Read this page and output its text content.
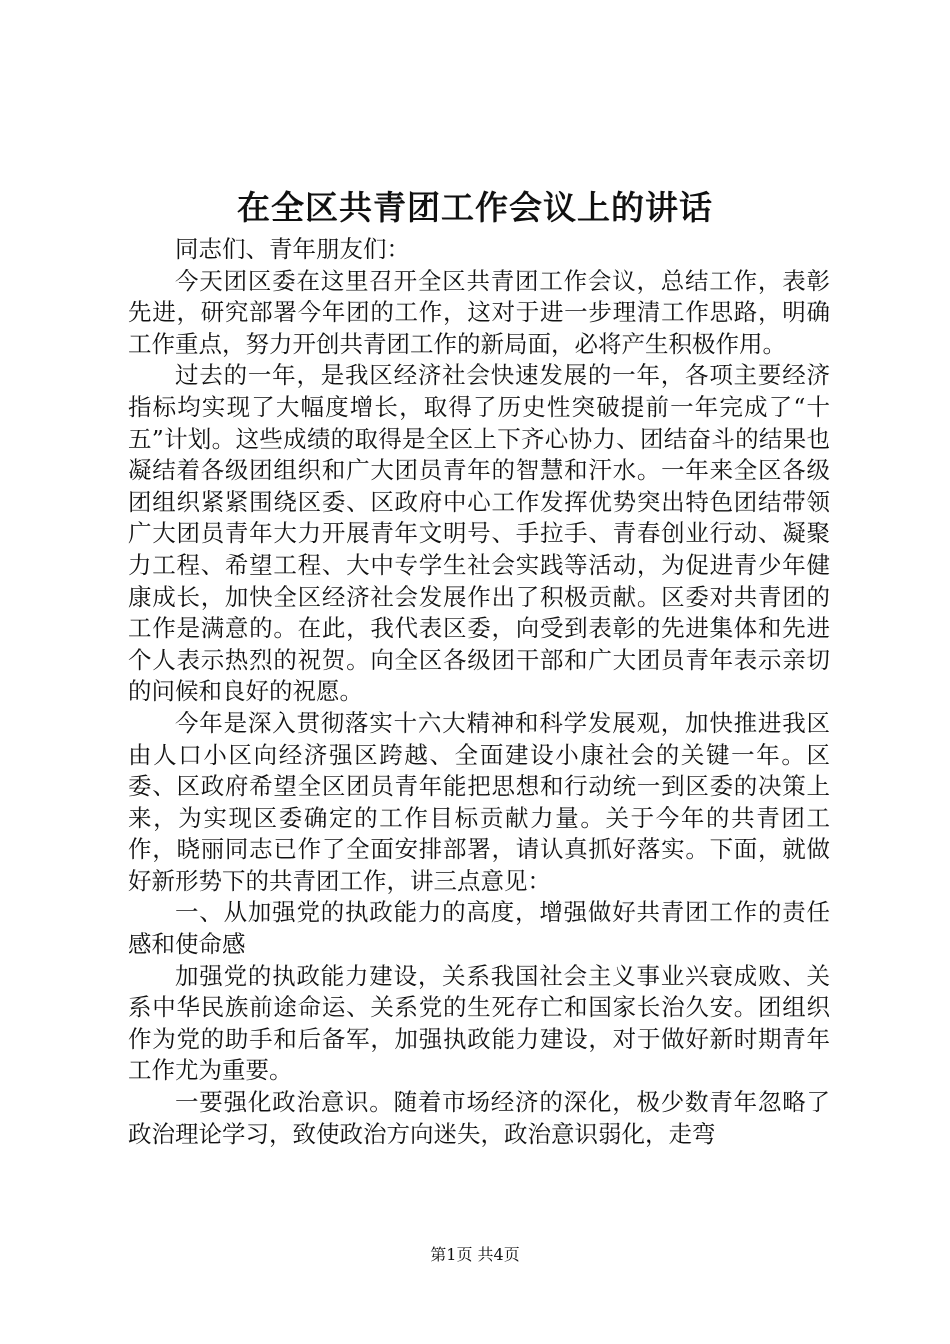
在全区共青团工作会议上的讲话

同志们、青年朋友们：

今天团区委在这里召开全区共青团工作会议，总结工作，表彰先进，研究部署今年团的工作，这对于进一步理清工作思路，明确工作重点，努力开创共青团工作的新局面，必将产生积极作用。

过去的一年，是我区经济社会快速发展的一年，各项主要经济指标均实现了大幅度增长，取得了历史性突破提前一年完成了“十五”计划。这些成绩的取得是全区上下齐心协力、团结奋斗的结果也凝结着各级团组织和广大团员青年的智慧和汗水。一年来全区各级团组织紧紧围绕区委、区政府中心工作发挥优势突出特色团结带领广大团员青年大力开展青年文明号、手拉手、青春创业行动、凝聚力工程、希望工程、大中专学生社会实践等活动，为促进青少年健康成长，加快全区经济社会发展作出了积极贡献。区委对共青团的工作是满意的。在此，我代表区委，向受到表彰的先进集体和先进个人表示热烈的祝贺。向全区各级团干部和广大团员青年表示亲切的问候和良好的祝愿。

今年是深入贯彻落实十六大精神和科学发展观，加快推进我区由人口小区向经济强区跨越、全面建设小康社会的关键一年。区委、区政府希望全区团员青年能把思想和行动统一到区委的决策上来，为实现区委确定的工作目标贡献力量。关于今年的共青团工作，晓丽同志已作了全面安排部署，请认真抓好落实。下面，就做好新形势下的共青团工作，讲三点意见：

一、从加强党的执政能力的高度，增强做好共青团工作的责任感和使命感

加强党的执政能力建设，关系我国社会主义事业兴衰成败、关系中华民族前途命运、关系党的生死存亡和国家长治久安。团组织作为党的助手和后备军，加强执政能力建设，对于做好新时期青年工作尤为重要。

一要强化政治意识。随着市场经济的深化，极少数青年忽略了政治理论学习，致使政治方向迷失，政治意识弱化，走弯

第1页 共4页
